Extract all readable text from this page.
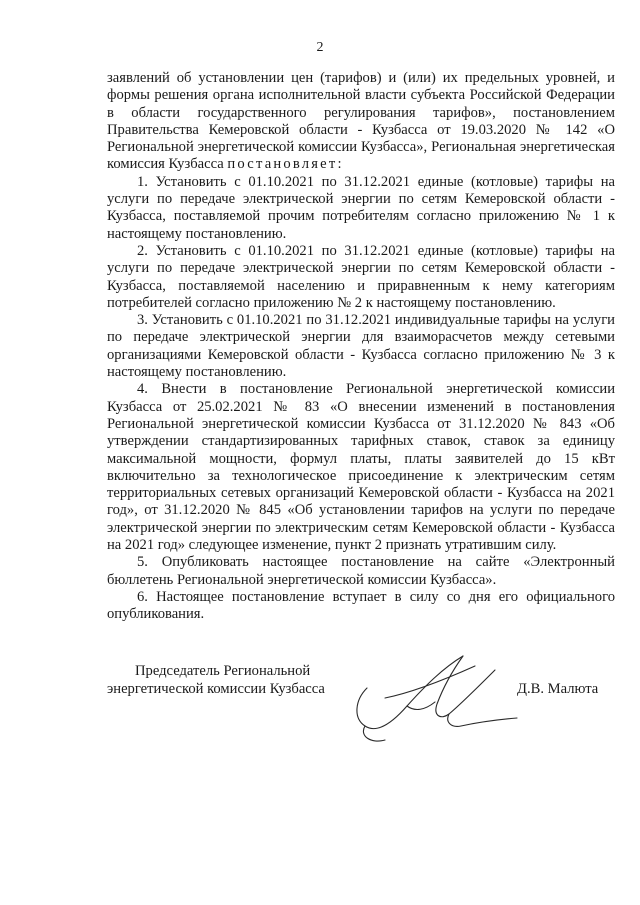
2

заявлений об установлении цен (тарифов) и (или) их предельных уровней, и формы решения органа исполнительной власти субъекта Российской Федерации в области государственного регулирования тарифов», постановлением Правительства Кемеровской области - Кузбасса от 19.03.2020 № 142 «О Региональной энергетической комиссии Кузбасса», Региональная энергетическая комиссия Кузбасса постановляет:

1. Установить с 01.10.2021 по 31.12.2021 единые (котловые) тарифы на услуги по передаче электрической энергии по сетям Кемеровской области - Кузбасса, поставляемой прочим потребителям согласно приложению № 1 к настоящему постановлению.

2. Установить с 01.10.2021 по 31.12.2021 единые (котловые) тарифы на услуги по передаче электрической энергии по сетям Кемеровской области - Кузбасса, поставляемой населению и приравненным к нему категориям потребителей согласно приложению № 2 к настоящему постановлению.

3. Установить с 01.10.2021 по 31.12.2021 индивидуальные тарифы на услуги по передаче электрической энергии для взаиморасчетов между сетевыми организациями Кемеровской области - Кузбасса согласно приложению № 3 к настоящему постановлению.

4. Внести в постановление Региональной энергетической комиссии Кузбасса от 25.02.2021 № 83 «О внесении изменений в постановления Региональной энергетической комиссии Кузбасса от 31.12.2020 № 843 «Об утверждении стандартизированных тарифных ставок, ставок за единицу максимальной мощности, формул платы, платы заявителей до 15 кВт включительно за технологическое присоединение к электрическим сетям территориальных сетевых организаций Кемеровской области - Кузбасса на 2021 год», от 31.12.2020 № 845 «Об установлении тарифов на услуги по передаче электрической энергии по электрическим сетям Кемеровской области - Кузбасса на 2021 год» следующее изменение, пункт 2 признать утратившим силу.

5. Опубликовать настоящее постановление на сайте «Электронный бюллетень Региональной энергетической комиссии Кузбасса».

6. Настоящее постановление вступает в силу со дня его официального опубликования.

Председатель Региональной
энергетической комиссии Кузбасса	Д.В. Малюта
